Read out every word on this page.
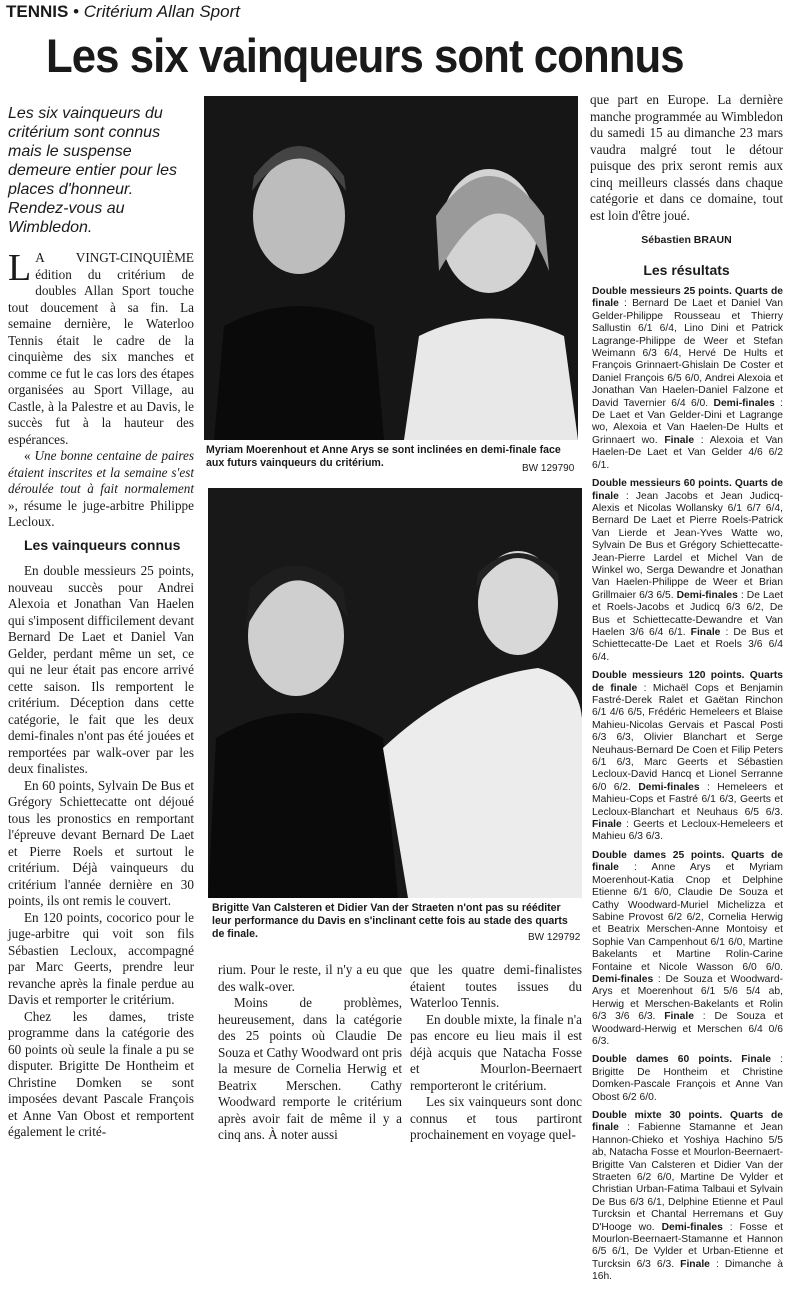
TENNIS • Critérium Allan Sport
Les six vainqueurs sont connus
Les six vainqueurs du critérium sont connus mais le suspense demeure entier pour les places d'honneur. Rendez-vous au Wimbledon.

L A VINGT-CINQUIÈME édition du critérium de doubles Allan Sport touche tout doucement à sa fin. La semaine dernière, le Waterloo Tennis était le cadre de la cinquième des six manches et comme ce fut le cas lors des étapes organisées au Sport Village, au Castle, à la Palestre et au Davis, le succès fut à la hauteur des espérances.

« Une bonne centaine de paires étaient inscrites et la semaine s'est déroulée tout à fait normalement », résume le juge-arbitre Philippe Lecloux.

Les vainqueurs connus

En double messieurs 25 points, nouveau succès pour Andrei Alexoia et Jonathan Van Haelen qui s'imposent difficilement devant Bernard De Laet et Daniel Van Gelder, perdant même un set, ce qui ne leur était pas encore arrivé cette saison. Ils remportent le critérium. Déception dans cette catégorie, le fait que les deux demi-finales n'ont pas été jouées et remportées par walk-over par les deux finalistes.

En 60 points, Sylvain De Bus et Grégory Schiettecatte ont déjoué tous les pronostics en remportant l'épreuve devant Bernard De Laet et Pierre Roels et surtout le critérium. Déjà vainqueurs du critérium l'année dernière en 30 points, ils ont remis le couvert.

En 120 points, cocorico pour le juge-arbitre qui voit son fils Sébastien Lecloux, accompagné par Marc Geerts, prendre leur revanche après la finale perdue au Davis et remporter le critérium.

Chez les dames, triste programme dans la catégorie des 60 points où seule la finale a pu se disputer. Brigitte De Hontheim et Christine Domken se sont imposées devant Pascale François et Anne Van Obost et remportent également le crité-

Myriam Moerenhout et Anne Arys se sont inclinées en demi-finale face aux futurs vainqueurs du critérium.	BW 129790
Brigitte Van Calsteren et Didier Van der Straeten n'ont pas su rééditer leur performance du Davis en s'inclinant cette fois au stade des quarts de finale.	BW 129792

rium. Pour le reste, il n'y a eu que des walk-over.

Moins de problèmes, heureusement, dans la catégorie des 25 points où Claudie De Souza et Cathy Woodward ont pris la mesure de Cornelia Herwig et Beatrix Merschen. Cathy Woodward remporte le critérium après avoir fait de même il y a cinq ans. À noter aussi

que les quatre demi-finalistes étaient toutes issues du Waterloo Tennis.

En double mixte, la finale n'a pas encore eu lieu mais il est déjà acquis que Natacha Fosse et Mourlon-Beernaert remporteront le critérium.

Les six vainqueurs sont donc connus et tous partiront prochainement en voyage quel-

que part en Europe. La dernière manche programmée au Wimbledon du samedi 15 au dimanche 23 mars vaudra malgré tout le détour puisque des prix seront remis aux cinq meilleurs classés dans chaque catégorie et dans ce domaine, tout est loin d'être joué.

Sébastien BRAUN
Les résultats

Double messieurs 25 points. Quarts de finale : Bernard De Laet et Daniel Van Gelder-Philippe Rousseau et Thierry Sallustin 6/1 6/4, Lino Dini et Patrick Lagrange-Philippe de Weer et Stefan Weimann 6/3 6/4, Hervé De Hults et François Grinnaert-Ghislain De Coster et Daniel François 6/5 6/0, Andrei Alexoia et Jonathan Van Haelen-Daniel Falzone et David Tavernier 6/4 6/0. Demi-finales : De Laet et Van Gelder-Dini et Lagrange wo, Alexoia et Van Haelen-De Hults et Grinnaert wo. Finale : Alexoia et Van Haelen-De Laet et Van Gelder 4/6 6/2 6/1.

Double messieurs 60 points. Quarts de finale : Jean Jacobs et Jean Judicq-Alexis et Nicolas Wollansky 6/1 6/7 6/4, Bernard De Laet et Pierre Roels-Patrick Van Lierde et Jean-Yves Watte wo, Sylvain De Bus et Grégory Schiettecatte-Jean-Pierre Lardel et Michel Van de Winkel wo, Serga Dewandre et Jonathan Van Haelen-Philippe de Weer et Brian Grillmaier 6/3 6/5. Demi-finales : De Laet et Roels-Jacobs et Judicq 6/3 6/2, De Bus et Schiettecatte-Dewandre et Van Haelen 3/6 6/4 6/1. Finale : De Bus et Schiettecatte-De Laet et Roels 3/6 6/4 6/4.

Double messieurs 120 points. Quarts de finale : Michaël Cops et Benjamin Fastré-Derek Ralet et Gaëtan Rinchon 6/1 4/6 6/5, Frédéric Hemeleers et Blaise Mahieu-Nicolas Gervais et Pascal Posti 6/3 6/3, Olivier Blanchart et Serge Neuhaus-Bernard De Coen et Filip Peters 6/1 6/3, Marc Geerts et Sébastien Lecloux-David Hancq et Lionel Serranne 6/0 6/2. Demi-finales : Hemeleers et Mahieu-Cops et Fastré 6/1 6/3, Geerts et Lecloux-Blanchart et Neuhaus 6/5 6/3. Finale : Geerts et Lecloux-Hemeleers et Mahieu 6/3 6/3.

Double dames 25 points. Quarts de finale : Anne Arys et Myriam Moerenhout-Katia Cnop et Delphine Etienne 6/1 6/0, Claudie De Souza et Cathy Woodward-Muriel Michelizza et Sabine Provost 6/2 6/2, Cornelia Herwig et Beatrix Merschen-Anne Montoisy et Sophie Van Campenhout 6/1 6/0, Martine Bakelants et Martine Rolin-Carine Fontaine et Nicole Wasson 6/0 6/0. Demi-finales : De Souza et Woodward-Arys et Moerenhout 6/1 5/6 5/4 ab, Herwig et Merschen-Bakelants et Rolin 6/3 3/6 6/3. Finale : De Souza et Woodward-Herwig et Merschen 6/4 0/6 6/3.

Double dames 60 points. Finale : Brigitte De Hontheim et Christine Domken-Pascale François et Anne Van Obost 6/2 6/0.

Double mixte 30 points. Quarts de finale : Fabienne Stamanne et Jean Hannon-Chieko et Yoshiya Hachino 5/5 ab, Natacha Fosse et Mourlon-Beernaert-Brigitte Van Calsteren et Didier Van der Straeten 6/2 6/0, Martine De Vylder et Christian Urban-Fatima Talbaui et Sylvain De Bus 6/3 6/1, Delphine Etienne et Paul Turcksin et Chantal Herremans et Guy D'Hooge wo. Demi-finales : Fosse et Mourlon-Beernaert-Stamanne et Hannon 6/5 6/1, De Vylder et Urban-Etienne et Turcksin 6/3 6/3. Finale : Dimanche à 16h.
